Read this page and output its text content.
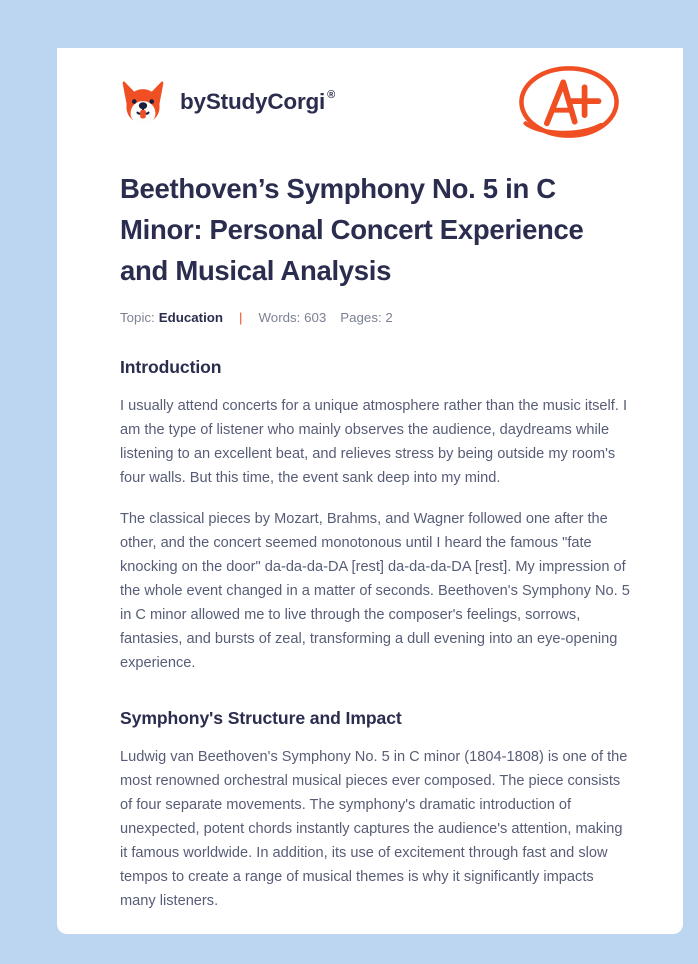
by StudyCorgi ®
Beethoven’s Symphony No. 5 in C Minor: Personal Concert Experience and Musical Analysis
Topic: Education | Words: 603 Pages: 2
Introduction

I usually attend concerts for a unique atmosphere rather than the music itself. I am the type of listener who mainly observes the audience, daydreams while listening to an excellent beat, and relieves stress by being outside my room's four walls. But this time, the event sank deep into my mind.

The classical pieces by Mozart, Brahms, and Wagner followed one after the other, and the concert seemed monotonous until I heard the famous "fate knocking on the door" da-da-da-DA [rest] da-da-da-DA [rest]. My impression of the whole event changed in a matter of seconds. Beethoven's Symphony No. 5 in C minor allowed me to live through the composer's feelings, sorrows, fantasies, and bursts of zeal, transforming a dull evening into an eye-opening experience.

Symphony's Structure and Impact

Ludwig van Beethoven's Symphony No. 5 in C minor (1804-1808) is one of the most renowned orchestral musical pieces ever composed. The piece consists of four separate movements. The symphony's dramatic introduction of unexpected, potent chords instantly captures the audience's attention, making it famous worldwide. In addition, its use of excitement through fast and slow tempos to create a range of musical themes is why it significantly impacts many listeners.
